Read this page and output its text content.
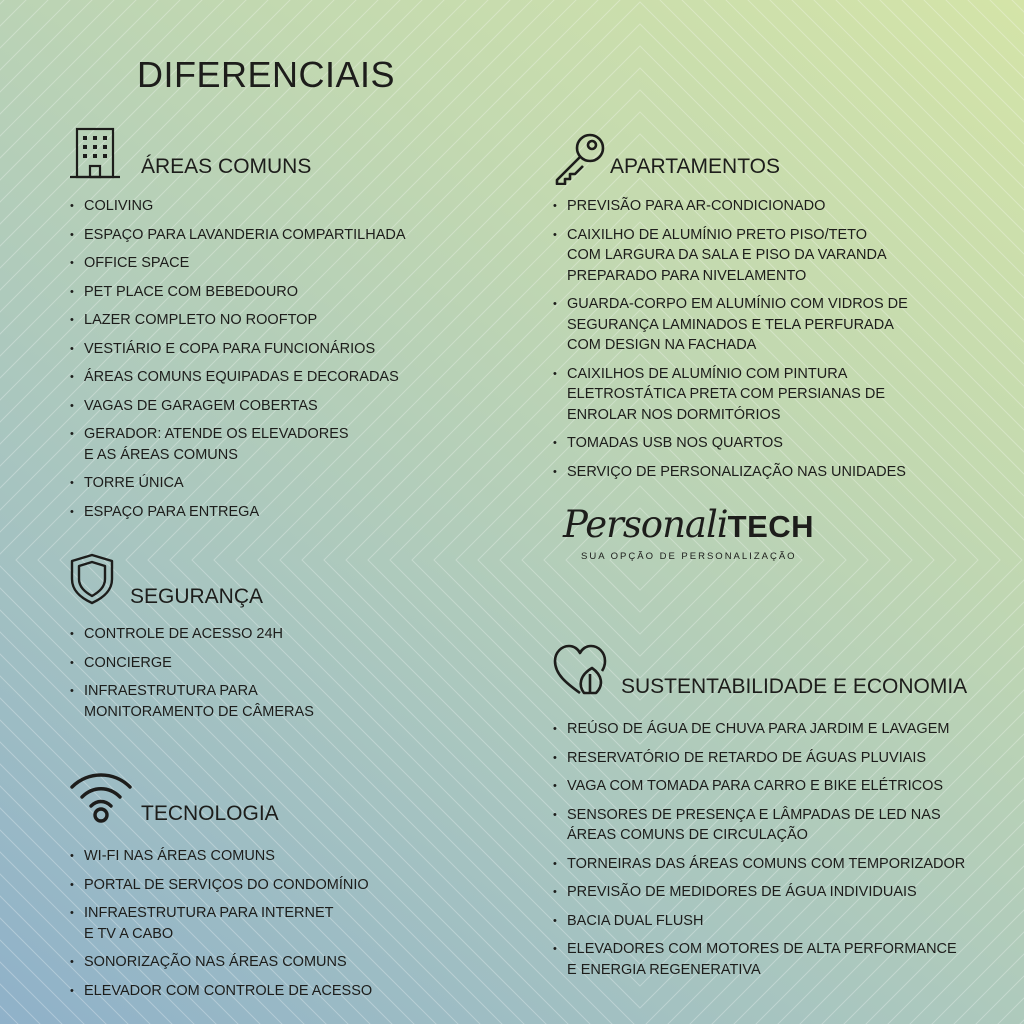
DIFERENCIAIS
ÁREAS COMUNS
• COLIVING
• ESPAÇO PARA LAVANDERIA COMPARTILHADA
• OFFICE SPACE
• PET PLACE COM BEBEDOURO
• LAZER COMPLETO NO ROOFTOP
• VESTIÁRIO E COPA PARA FUNCIONÁRIOS
• ÁREAS COMUNS EQUIPADAS E DECORADAS
• VAGAS DE GARAGEM COBERTAS
• GERADOR: ATENDE OS ELEVADORES
E AS ÁREAS COMUNS
• TORRE ÚNICA
• ESPAÇO PARA ENTREGA
SEGURANÇA
• CONTROLE DE ACESSO 24H
• CONCIERGE
• INFRAESTRUTURA PARA
MONITORAMENTO DE CÂMERAS
TECNOLOGIA
• WI-FI NAS ÁREAS COMUNS
• PORTAL DE SERVIÇOS DO CONDOMÍNIO
• INFRAESTRUTURA PARA INTERNET
E TV A CABO
• SONORIZAÇÃO NAS ÁREAS COMUNS
• ELEVADOR COM CONTROLE DE ACESSO
APARTAMENTOS
• PREVISÃO PARA AR-CONDICIONADO
• CAIXILHO DE ALUMÍNIO PRETO PISO/TETO
COM LARGURA DA SALA E PISO DA VARANDA
PREPARADO PARA NIVELAMENTO
• GUARDA-CORPO EM ALUMÍNIO COM VIDROS DE
SEGURANÇA LAMINADOS E TELA PERFURADA
COM DESIGN NA FACHADA
• CAIXILHOS DE ALUMÍNIO COM PINTURA
ELETROSTÁTICA PRETA COM PERSIANAS DE
ENROLAR NOS DORMITÓRIOS
• TOMADAS USB NOS QUARTOS
• SERVIÇO DE PERSONALIZAÇÃO NAS UNIDADES
PersonaliTECH
SUA OPÇÃO DE PERSONALIZAÇÃO
SUSTENTABILIDADE E ECONOMIA
• REÚSO DE ÁGUA DE CHUVA PARA JARDIM E LAVAGEM
• RESERVATÓRIO DE RETARDO DE ÁGUAS PLUVIAIS
• VAGA COM TOMADA PARA CARRO E BIKE ELÉTRICOS
• SENSORES DE PRESENÇA E LÂMPADAS DE LED NAS
ÁREAS COMUNS DE CIRCULAÇÃO
• TORNEIRAS DAS ÁREAS COMUNS COM TEMPORIZADOR
• PREVISÃO DE MEDIDORES DE ÁGUA INDIVIDUAIS
• BACIA DUAL FLUSH
• ELEVADORES COM MOTORES DE ALTA PERFORMANCE
E ENERGIA REGENERATIVA
